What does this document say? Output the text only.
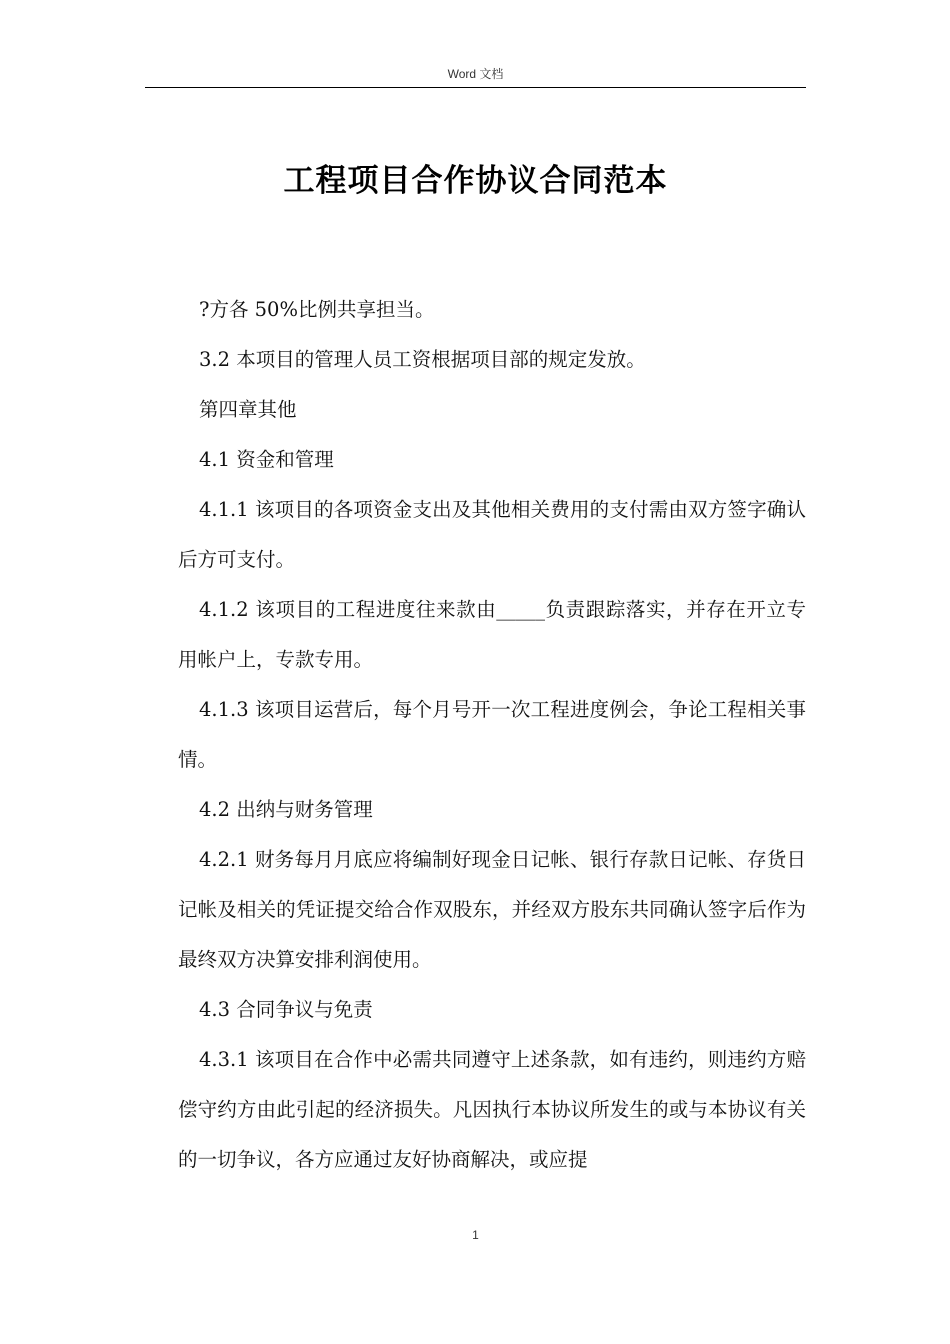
Word 文档
工程项目合作协议合同范本

?方各 50%比例共享担当。

3.2 本项目的管理人员工资根据项目部的规定发放。

第四章其他

4.1 资金和管理

4.1.1 该项目的各项资金支出及其他相关费用的支付需由双方签字确认后方可支付。

4.1.2 该项目的工程进度往来款由_____负责跟踪落实，并存在开立专用帐户上，专款专用。

4.1.3 该项目运营后，每个月号开一次工程进度例会，争论工程相关事情。

4.2 出纳与财务管理

4.2.1 财务每月月底应将编制好现金日记帐、银行存款日记帐、存货日记帐及相关的凭证提交给合作双股东，并经双方股东共同确认签字后作为最终双方决算安排利润使用。

4.3 合同争议与免责

4.3.1 该项目在合作中必需共同遵守上述条款，如有违约，则违约方赔偿守约方由此引起的经济损失。凡因执行本协议所发生的或与本协议有关的一切争议，各方应通过友好协商解决，或应提

1
